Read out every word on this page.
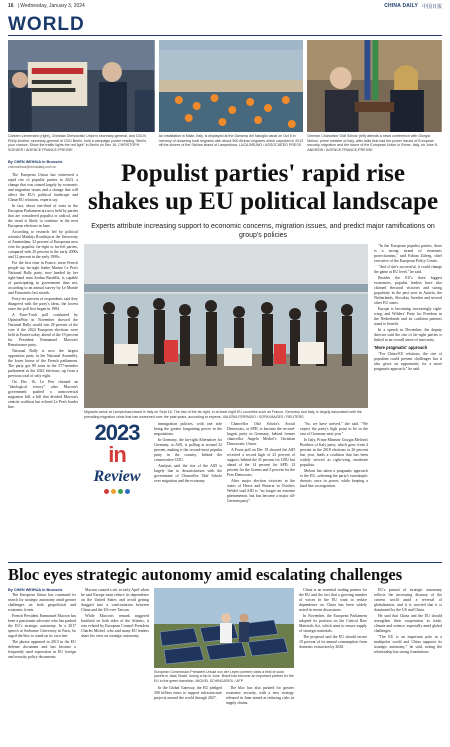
16 | Wednesday, January 3, 2024	CHINA DAILY 中国日报
WORLD
Carsten Linnemann (right), Christian Democratic Union's secretary-general, and CDU's Philip Amthor, secretary-general of CDU Berlin, hold a campaign poster reading "Berlin, your chance. Show the traffic lights the red light" in Berlin on Dec 16. CHRISTOPH SOEDER / AGENCE FRANCE-PRESSE
An installation in Milan, Italy, is displayed at the Darsena del Naviglio canal on Oct 5 in memory of drowning boat migrants with about 500 African migrants which capsized in 2013 off the shores of the Sicilian island of Lampedusa. LUCA BRUNO / ASSOCIATED PRESS
German Chancellor Olaf Scholz (left) attends a news conference with Giorgia Meloni, prime minister of Italy, after talks that had the power issues of European security, migration and the future of the European Union in Rome, Italy, on June 8. ANDREW / AGENCE FRANCE-PRESSE
By CHEN WEIHUA in Brussels
chenweihua@chinadaily.com.cn

The European Union has witnessed a rapid rise of populist parties in 2023, a change that was caused largely by economic and migration issues and a change that will affect the EU's political landscape and China-EU relations, experts say.

In fact, about one-third of seats in the European Parliament are now held by parties that are considered populist or radical, and the trend is likely to continue in the next European elections in June.

According to research led by political scientist Matthijs Rooduijn at the University of Amsterdam, 32 percent of Europeans now vote for populist, far-right or far-left parties, compared with 20 percent in the early 2000s and 12 percent in the early 1990s.

For the first time in France, more French people say far-right leader Marine Le Pen's National Rally party, now headed by her right-hand man Jordan Bardella, is capable of participating in government than not, according to an annual survey by Le Monde and Franceinfo last month.

Forty-six percent of respondents said they disagreed with the party's ideas, the lowest since the poll first began in 1984.

A Euro-Track poll conducted by OpinionWay in November showed the National Rally would win 28 percent of the vote if the 2024 European elections were held in France today, ahead of the 19 percent for President Emmanuel Macron's Renaissance party.

National Rally is now the largest opposition party in the National Assembly, the lower house of the French parliament. The party got 89 seats in the 577-member parliament in the 2022 elections, up from a previous total of only eight.

On Dec 16, Le Pen claimed an "ideological victory" after Macron's government pushed a controversial migration bill, a bill that divided Macron's centrist coalition but echoed Le Pen's harder line.

Populist parties' rapid rise shakes up EU political landscape
Experts attribute increasing support to economic concerns, migration issues, and predict major ramifications on group's policies
Migrants arrive at Lampedusa island in Italy on Sept 16. The rise of the far right, in at least eight EU countries such as France, Germany and Italy, is largely associated with the prevailing migration crisis that has worsened over the past years, according to experts. VALERIA FERRARO / SOPA IMAGES / REUTERS

"In the European populist parties, there is a strong strand of economic protectionism," said Fabian Zuleeg, chief executive of the European Policy Centre.

"And if she's successful, it could change the game at EU level," he said.

Besides the EU's three biggest economies, populist leaders have also claimed electoral victories and strong popularity in the past year in Austria, the Netherlands, Slovakia, Sweden and several other EU states.

Europe is becoming increasingly right-wing, and Wilders' Party for Freedom in the Netherlands and its coalition partners stand to benefit.

In a speech in December, the deputy director said the rise of far-right parties is linked to an overall sense of insecurity.

'More pragmatic' approach

"For China-EU relations, the rise of populism could present challenges but it also gives an opportunity for a more pragmatic approach," he said.

2023 in
Review

immigration policies, with one side being the greater bargaining power in the negotiations.

In Germany, the far-right Alternative for Germany, or AfD, is polling at around 22 percent, making it the second-most popular party in the country, behind the conservative CDU.

Analysts said the rise of the AfD is largely due to dissatisfaction with the government of Chancellor Olaf Scholz over migration and the economy.

Chancellor Olaf Scholz's Social Democrats, or SPD, to become the second-largest party in Germany, behind former chancellor Angela Merkel's Christian Democratic Union.

A Forsa poll on Dec 19 showed the AfD received a record high of 23 percent of support, behind the 31 percent for CDU but ahead of the 14 percent for SPD, 13 percent for the Greens and 5 percent for the Free Democrats.

After major election victories in the states of Hesse and Bavaria in October, Weidel said AfD is "no longer an extreme phenomenon, but has become a major all-German party".

"So, we have arrived," she said. "We expect the party's high point to be in the east of Germany next year."

In Italy, Prime Minister Giorgia Meloni's Brothers of Italy party, which grew from 4 percent in the 2018 elections to 26 percent last year, leads a coalition that has been widely viewed as right-wing, moderate populists.

Meloni has taken a pragmatic approach to the EU, softening the party's euroskeptic rhetoric once in power, while keeping a hard line on migration.

Bloc eyes strategic autonomy amid escalating challenges
By CHEN WEIHUA in Brussels

The European Union has continued its search for strategic autonomy amid greater challenges on both geopolitical and economic fronts.

French President Emmanuel Macron has been a passionate advocate who has pushed the EU's strategic autonomy. In a 2017 speech at Sorbonne University in Paris, he urged the bloc to stand on its own feet.

The phrase appeared in 2013 in the EU defense document and has become a frequently used expression in EU foreign and security policy documents.

Macron caused a stir in early April when he said Europe must reduce its dependence on the United States and avoid getting dragged into a confrontation between China and the US over Taiwan.

While Macron's remark triggered backlash on both sides of the Atlantic, it was echoed by European Council President Charles Michel, who said many EU leaders share his view on strategic autonomy.

European Commission President Ursula von der Leyen (center) visits a field of solar panels in Jatai, Brazil, during a trip in June. Brazil has become an important partner for the EU in the green transition. MIGUEL SCHINCARIOL / AFP

In the Global Gateway, the EU pledged 300 billion euros to support infrastructure projects around the world through 2027.

The bloc has also pushed for greater economic security, with a new strategy released in June aimed at reducing risks in supply chains.

China is an essential trading partner for the EU and the fact that a growing number of voices in the EU want to reduce dependence on China has been widely noted in recent discussions.

In November, the European Parliament adopted its position on the Critical Raw Materials Act, which aims to ensure supply of strategic materials.

The proposal said the EU should secure 10 percent of its annual consumption from domestic extraction by 2030.

EU's pursuit of strategic autonomy reflects the increasing disarray of the current world amid a reversal of globalization, and it is worried that it is dominated by the US and China.

He said that China and the EU should strengthen their cooperation in trade, climate and science, especially amid global challenges.

"The EU is an important pole in a multipolar world and China supports its strategic autonomy," he said, noting the relationship has strong foundations.
